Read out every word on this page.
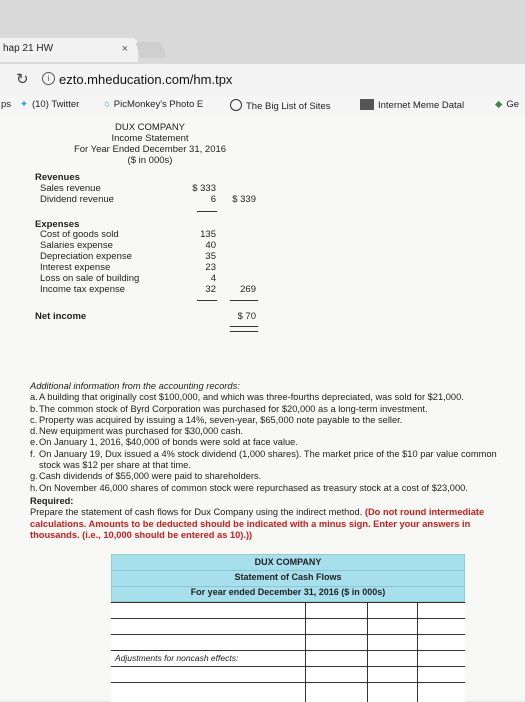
hap 21 HW	×
↻	i ezto.mheducation.com/hm.tpx
ps ✦ (10) Twitter	○ PicMonkey's Photo E	The Big List of Sites	Internet Meme Datal	◆ Ge
DUX COMPANY
Income Statement
For Year Ended December 31, 2016
($ in 000s)
Revenues
Sales revenue	$ 333
Dividend revenue	6	$ 339
Expenses
Cost of goods sold	135
Salaries expense	40
Depreciation expense	35
Interest expense	23
Loss on sale of building	4
Income tax expense	32	269
Net income	$ 70
Additional information from the accounting records:
a. A building that originally cost $100,000, and which was three-fourths depreciated, was sold for $21,000.
b. The common stock of Byrd Corporation was purchased for $20,000 as a long-term investment.
c. Property was acquired by issuing a 14%, seven-year, $65,000 note payable to the seller.
d. New equipment was purchased for $30,000 cash.
e. On January 1, 2016, $40,000 of bonds were sold at face value.
f. On January 19, Dux issued a 4% stock dividend (1,000 shares). The market price of the $10 par value common stock was $12 per share at that time.
g. Cash dividends of $55,000 were paid to shareholders.
h. On November 46,000 shares of common stock were repurchased as treasury stock at a cost of $23,000.
Required:
Prepare the statement of cash flows for Dux Company using the indirect method. (Do not round intermediate calculations. Amounts to be deducted should be indicated with a minus sign. Enter your answers in thousands. (i.e., 10,000 should be entered as 10).))
DUX COMPANY
Statement of Cash Flows
For year ended December 31, 2016 ($ in 000s)
Adjustments for noncash effects:
